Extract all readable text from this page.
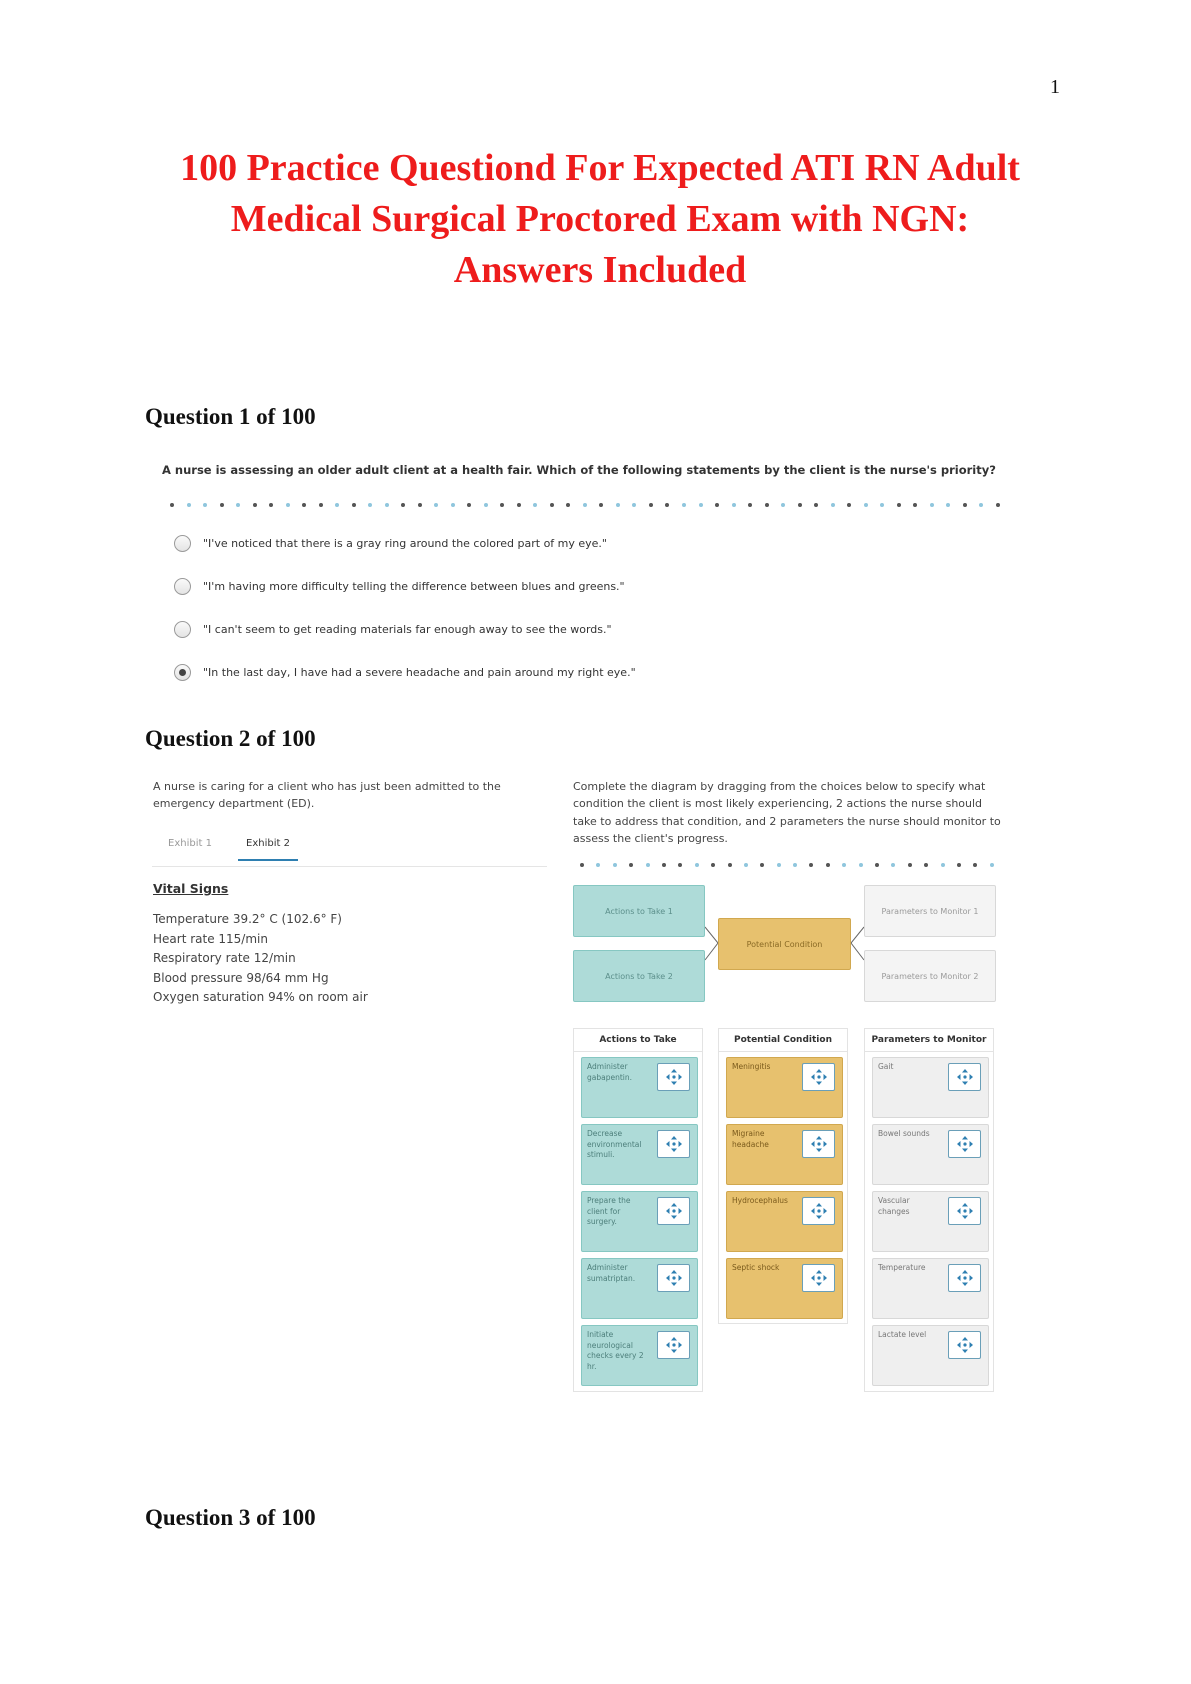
1
100 Practice Questiond For Expected ATI RN Adult
Medical Surgical Proctored Exam with NGN:
Answers Included
Question 1 of 100
A nurse is assessing an older adult client at a health fair. Which of the following statements by the client is the nurse's priority?
"I've noticed that there is a gray ring around the colored part of my eye."
"I'm having more difficulty telling the difference between blues and greens."
"I can't seem to get reading materials far enough away to see the words."
"In the last day, I have had a severe headache and pain around my right eye."
Question 2 of 100
A nurse is caring for a client who has just been admitted to the emergency department (ED).
Exhibit 1	Exhibit 2
Vital Signs
Temperature 39.2° C (102.6° F)
Heart rate 115/min
Respiratory rate 12/min
Blood pressure 98/64 mm Hg
Oxygen saturation 94% on room air
Complete the diagram by dragging from the choices below to specify what condition the client is most likely experiencing, 2 actions the nurse should take to address that condition, and 2 parameters the nurse should monitor to assess the client's progress.
Actions to Take 1
Actions to Take 2
Potential Condition
Parameters to Monitor 1
Parameters to Monitor 2
Actions to Take
Administer gabapentin.
Decrease environmental stimuli.
Prepare the client for surgery.
Administer sumatriptan.
Initiate neurological checks every 2 hr.
Potential Condition
Meningitis
Migraine headache
Hydrocephalus
Septic shock
Parameters to Monitor
Gait
Bowel sounds
Vascular changes
Temperature
Lactate level
Question 3 of 100
